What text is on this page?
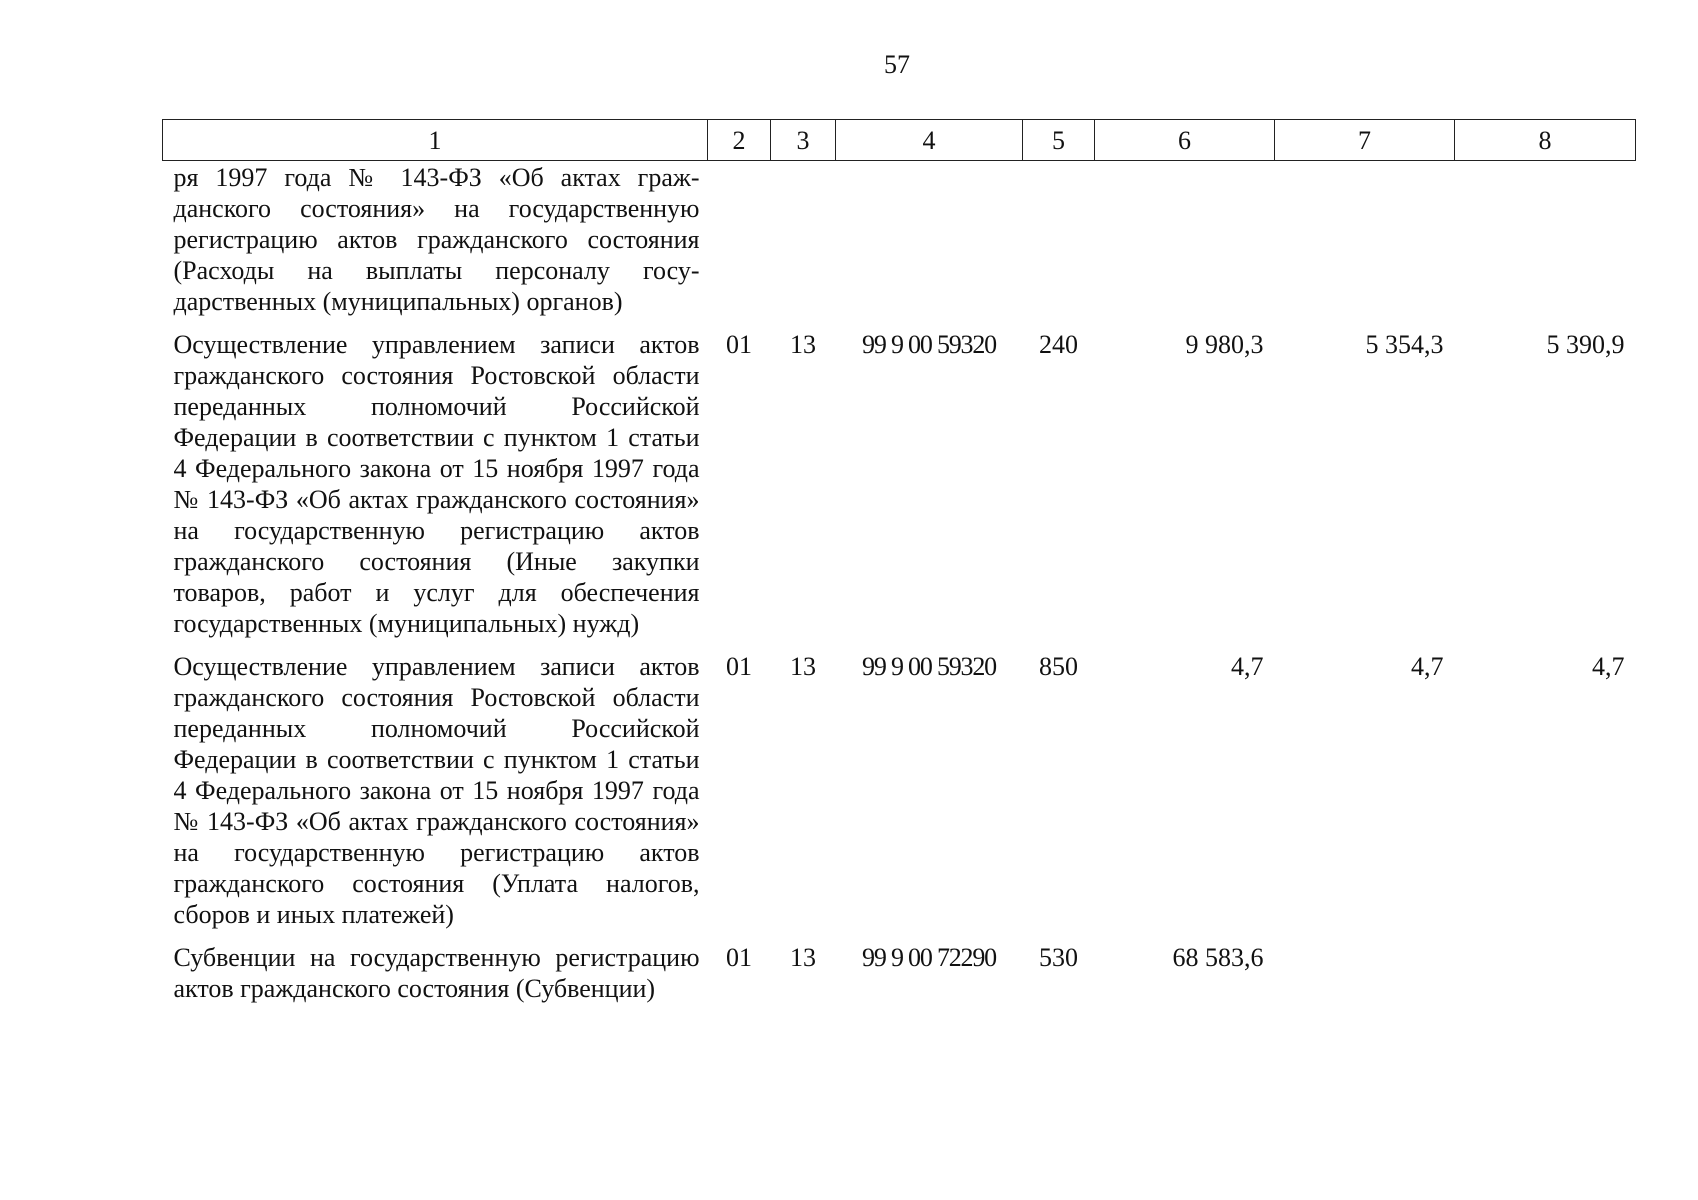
57
1	2	3	4	5	6	7	8
ря 1997 года № 143-ФЗ «Об актах гражданского состояния» на государственную регистрацию актов гражданского состояния (Расходы на выплаты персоналу государственных (муниципальных) органов)							
Осуществление управлением записи актов гражданского состояния Ростовской области переданных полномочий Российской Федерации в соответствии с пунктом 1 статьи 4 Федерального закона от 15 ноября 1997 года № 143-ФЗ «Об актах гражданского состояния» на государственную регистрацию актов гражданского состояния (Иные закупки товаров, работ и услуг для обеспечения государственных (муниципальных) нужд)	01	13	99 9 00 59320	240	9 980,3	5 354,3	5 390,9
Осуществление управлением записи актов гражданского состояния Ростовской области переданных полномочий Российской Федерации в соответствии с пунктом 1 статьи 4 Федерального закона от 15 ноября 1997 года № 143-ФЗ «Об актах гражданского состояния» на государственную регистрацию актов гражданского состояния (Уплата налогов, сборов и иных платежей)	01	13	99 9 00 59320	850	4,7	4,7	4,7
Субвенции на государственную регистрацию актов гражданского состояния (Субвенции)	01	13	99 9 00 72290	530	68 583,6		
